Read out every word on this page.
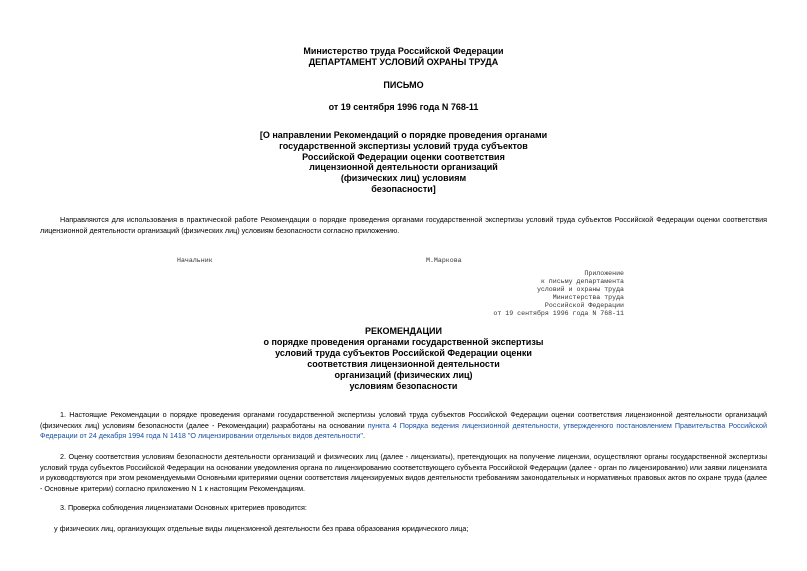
Министерство труда Российской Федерации
ДЕПАРТАМЕНТ УСЛОВИЙ ОХРАНЫ ТРУДА
ПИСЬМО
от 19 сентября 1996 года N 768-11
[О направлении Рекомендаций о порядке проведения органами
государственной экспертизы условий труда субъектов
Российской Федерации оценки соответствия
лицензионной деятельности организаций
(физических лиц) условиям
безопасности]
Направляются для использования в практической работе Рекомендации о порядке проведения органами государственной экспертизы условий труда субъектов Российской Федерации оценки соответствия лицензионной деятельности организаций (физических лиц) условиям безопасности согласно приложению.
Начальник	М.Маркова
Приложение
к письму департамента
условий и охраны труда
Министерства труда
Российской Федерации
от 19 сентября 1996 года N 768-11
РЕКОМЕНДАЦИИ
о порядке проведения органами государственной экспертизы
условий труда субъектов Российской Федерации оценки
соответствия лицензионной деятельности
организаций (физических лиц)
условиям безопасности
1. Настоящие Рекомендации о порядке проведения органами государственной экспертизы условий труда субъектов Российской Федерации оценки соответствия лицензионной деятельности организаций (физических лиц) условиям безопасности (далее - Рекомендации) разработаны на основании пункта 4 Порядка ведения лицензионной деятельности, утвержденного постановлением Правительства Российской Федерации от 24 декабря 1994 года N 1418 "О лицензировании отдельных видов деятельности".
2. Оценку соответствия условиям безопасности деятельности организаций и физических лиц (далее - лицензиаты), претендующих на получение лицензии, осуществляют органы государственной экспертизы условий труда субъектов Российской Федерации на основании уведомления органа по лицензированию соответствующего субъекта Российской Федерации (далее - орган по лицензированию) или заявки лицензиата и руководствуются при этом рекомендуемыми Основными критериями оценки соответствия лицензируемых видов деятельности требованиям законодательных и нормативных правовых актов по охране труда (далее - Основные критерии) согласно приложению N 1 к настоящим Рекомендациям.
3. Проверка соблюдения лицензиатами Основных критериев проводится:
у физических лиц, организующих отдельные виды лицензионной деятельности без права образования юридического лица;
